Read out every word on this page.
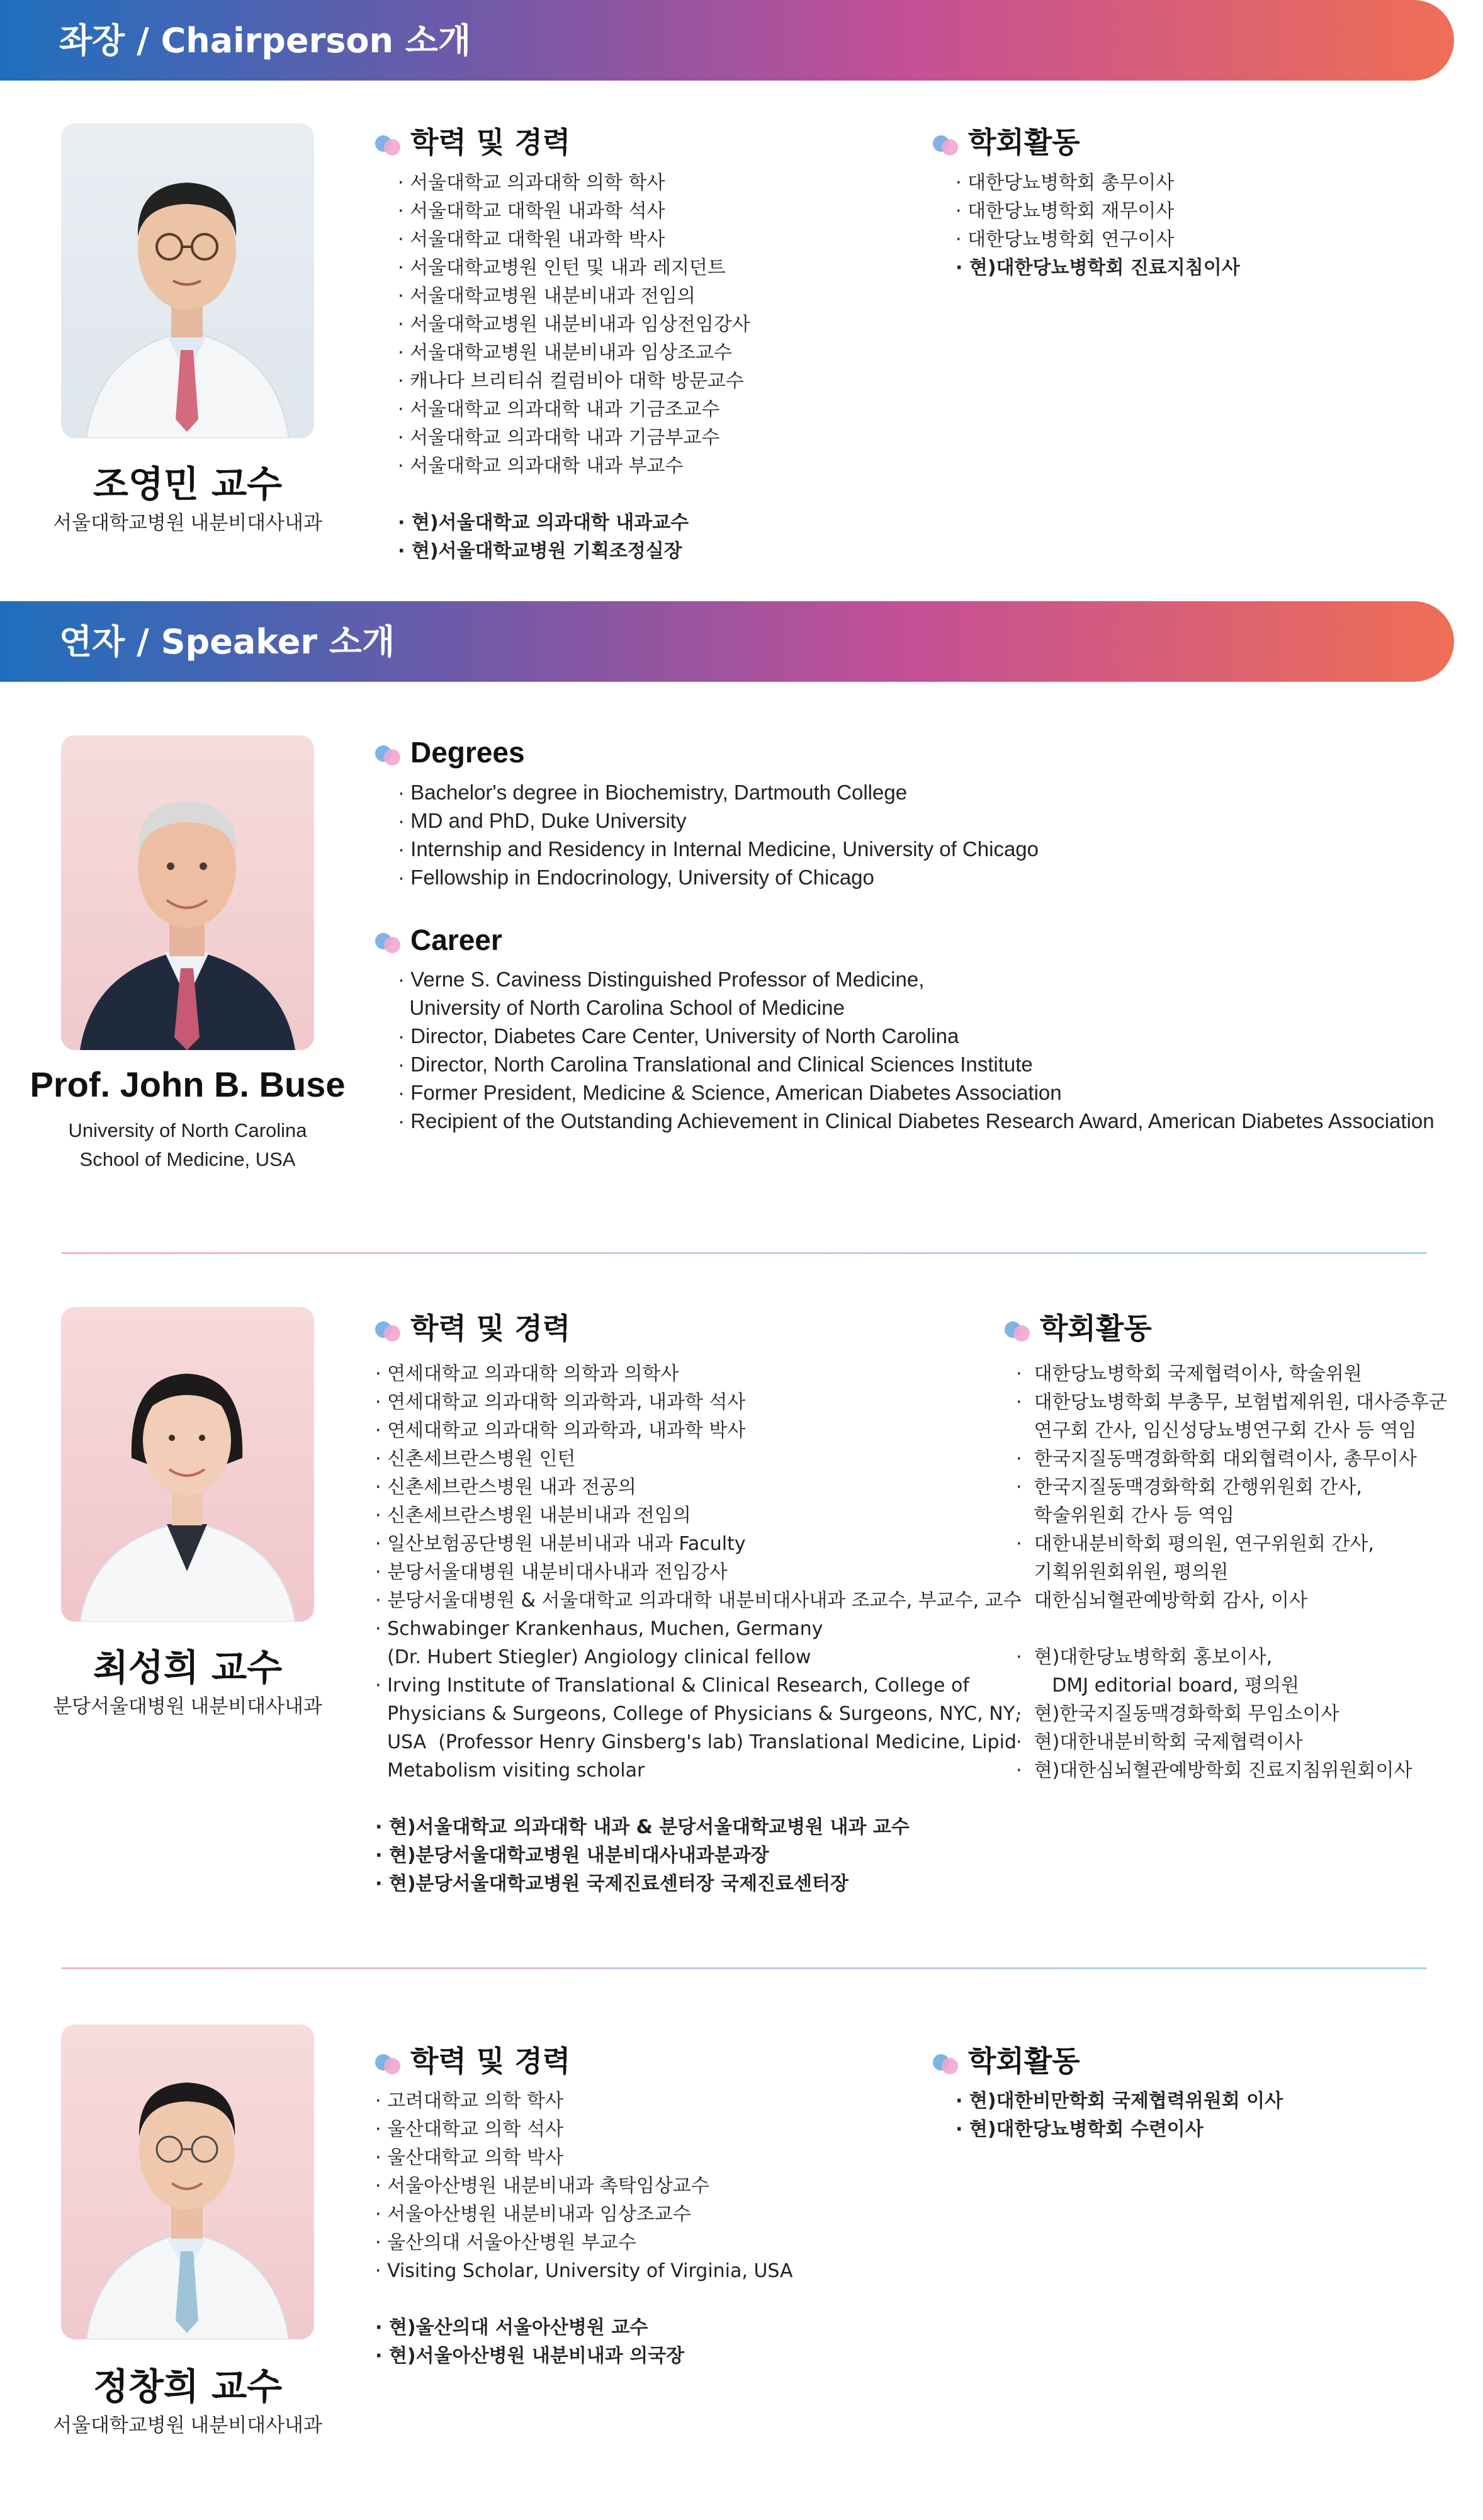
좌장 / Chairperson 소개
조영민 교수
서울대학교병원 내분비대사내과
학력 및 경력
· 서울대학교 의과대학 의학 학사
· 서울대학교 대학원 내과학 석사
· 서울대학교 대학원 내과학 박사
· 서울대학교병원 인턴 및 내과 레지던트
· 서울대학교병원 내분비내과 전임의
· 서울대학교병원 내분비내과 임상전임강사
· 서울대학교병원 내분비내과 임상조교수
· 캐나다 브리티쉬 컬럼비아 대학 방문교수
· 서울대학교 의과대학 내과 기금조교수
· 서울대학교 의과대학 내과 기금부교수
· 서울대학교 의과대학 내과 부교수
· 현)서울대학교 의과대학 내과교수
· 현)서울대학교병원 기획조정실장
학회활동
· 대한당뇨병학회 총무이사
· 대한당뇨병학회 재무이사
· 대한당뇨병학회 연구이사
· 현)대한당뇨병학회 진료지침이사
연자 / Speaker 소개
Prof. John B. Buse
University of North Carolina
School of Medicine, USA
Degrees
· Bachelor's degree in Biochemistry, Dartmouth College
· MD and PhD, Duke University
· Internship and Residency in Internal Medicine, University of Chicago
· Fellowship in Endocrinology, University of Chicago
Career
· Verne S. Caviness Distinguished Professor of Medicine,
University of North Carolina School of Medicine
· Director, Diabetes Care Center, University of North Carolina
· Director, North Carolina Translational and Clinical Sciences Institute
· Former President, Medicine & Science, American Diabetes Association
· Recipient of the Outstanding Achievement in Clinical Diabetes Research Award, American Diabetes Association
최성희 교수
분당서울대병원 내분비대사내과
학력 및 경력
· 연세대학교 의과대학 의학과 의학사
· 연세대학교 의과대학 의과학과, 내과학 석사
· 연세대학교 의과대학 의과학과, 내과학 박사
· 신촌세브란스병원 인턴
· 신촌세브란스병원 내과 전공의
· 신촌세브란스병원 내분비내과 전임의
· 일산보험공단병원 내분비내과 내과 Faculty
· 분당서울대병원 내분비대사내과 전임강사
· 분당서울대병원 & 서울대학교 의과대학 내분비대사내과 조교수, 부교수, 교수
· Schwabinger Krankenhaus, Muchen, Germany
(Dr. Hubert Stiegler) Angiology clinical fellow
· Irving Institute of Translational & Clinical Research, College of
Physicians & Surgeons, College of Physicians & Surgeons, NYC, NY,
USA  (Professor Henry Ginsberg's lab) Translational Medicine, Lipid
Metabolism visiting scholar
· 현)서울대학교 의과대학 내과 & 분당서울대학교병원 내과 교수
· 현)분당서울대학교병원 내분비대사내과분과장
· 현)분당서울대학교병원 국제진료센터장 국제진료센터장
학회활동
·  대한당뇨병학회 국제협력이사, 학술위원
·  대한당뇨병학회 부총무, 보험법제위원, 대사증후군
연구회 간사, 임신성당뇨병연구회 간사 등 역임
·  한국지질동맥경화학회 대외협력이사, 총무이사
·  한국지질동맥경화학회 간행위원회 간사,
학술위원회 간사 등 역임
·  대한내분비학회 평의원, 연구위원회 간사,
기획위원회위원, 평의원
·  대한심뇌혈관예방학회 감사, 이사
·  현)대한당뇨병학회 홍보이사,
DMJ editorial board, 평의원
·  현)한국지질동맥경화학회 무임소이사
·  현)대한내분비학회 국제협력이사
·  현)대한심뇌혈관예방학회 진료지침위원회이사
정창희 교수
서울대학교병원 내분비대사내과
학력 및 경력
· 고려대학교 의학 학사
· 울산대학교 의학 석사
· 울산대학교 의학 박사
· 서울아산병원 내분비내과 촉탁임상교수
· 서울아산병원 내분비내과 임상조교수
· 울산의대 서울아산병원 부교수
· Visiting Scholar, University of Virginia, USA
· 현)울산의대 서울아산병원 교수
· 현)서울아산병원 내분비내과 의국장
학회활동
· 현)대한비만학회 국제협력위원회 이사
· 현)대한당뇨병학회 수련이사
